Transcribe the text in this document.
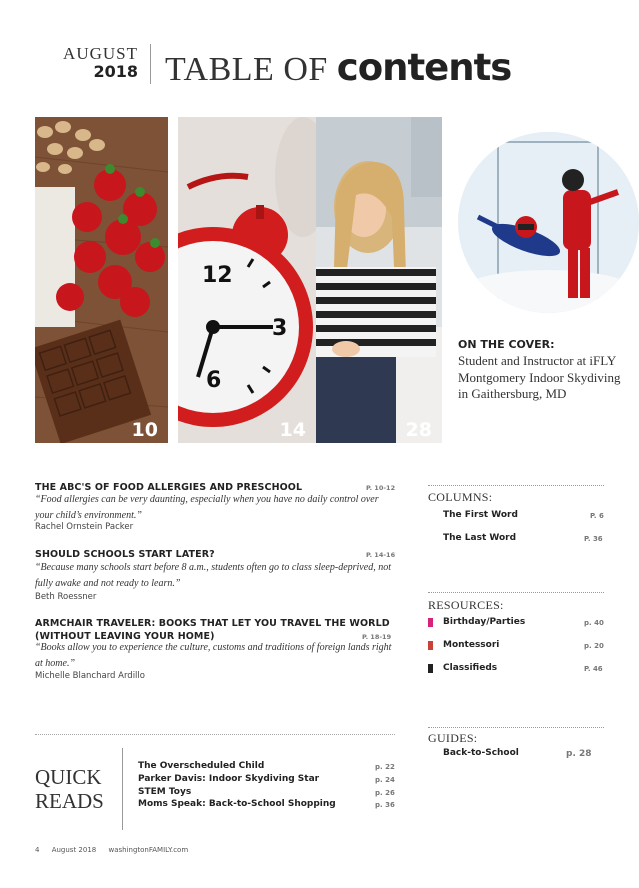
AUGUST
2018 TABLE OF contents
10
12
3
6
14	28
ON THE COVER:
Student and Instructor at iFLY Montgomery Indoor Skydiving in Gaithersburg, MD
THE ABC'S OF FOOD ALLERGIES AND PRESCHOOL	P. 10-12
“Food allergies can be very daunting, especially when you have no daily control over your child’s environment.”
Rachel Ornstein Packer
SHOULD SCHOOLS START LATER?	P. 14-16
“Because many schools start before 8 a.m., students often go to class sleep-deprived, not fully awake and not ready to learn.”
Beth Roessner
ARMCHAIR TRAVELER: BOOKS THAT LET YOU TRAVEL THE WORLD
(WITHOUT LEAVING YOUR HOME)	P. 18-19
“Books allow you to experience the culture, customs and traditions of foreign lands right at home.”
Michelle Blanchard Ardillo
COLUMNS:
The First Word	P. 6
The Last Word	P. 36
RESOURCES:
Birthday/Parties	p. 40
Montessori	p. 20
Classifieds	P. 46
GUIDES:
Back-to-School	p. 28
QUICK READS
The Overscheduled Child	p. 22
Parker Davis: Indoor Skydiving Star	p. 24
STEM Toys	p. 26
Moms Speak: Back-to-School Shopping	p. 36
4 August 2018 washingtonFAMILY.com
